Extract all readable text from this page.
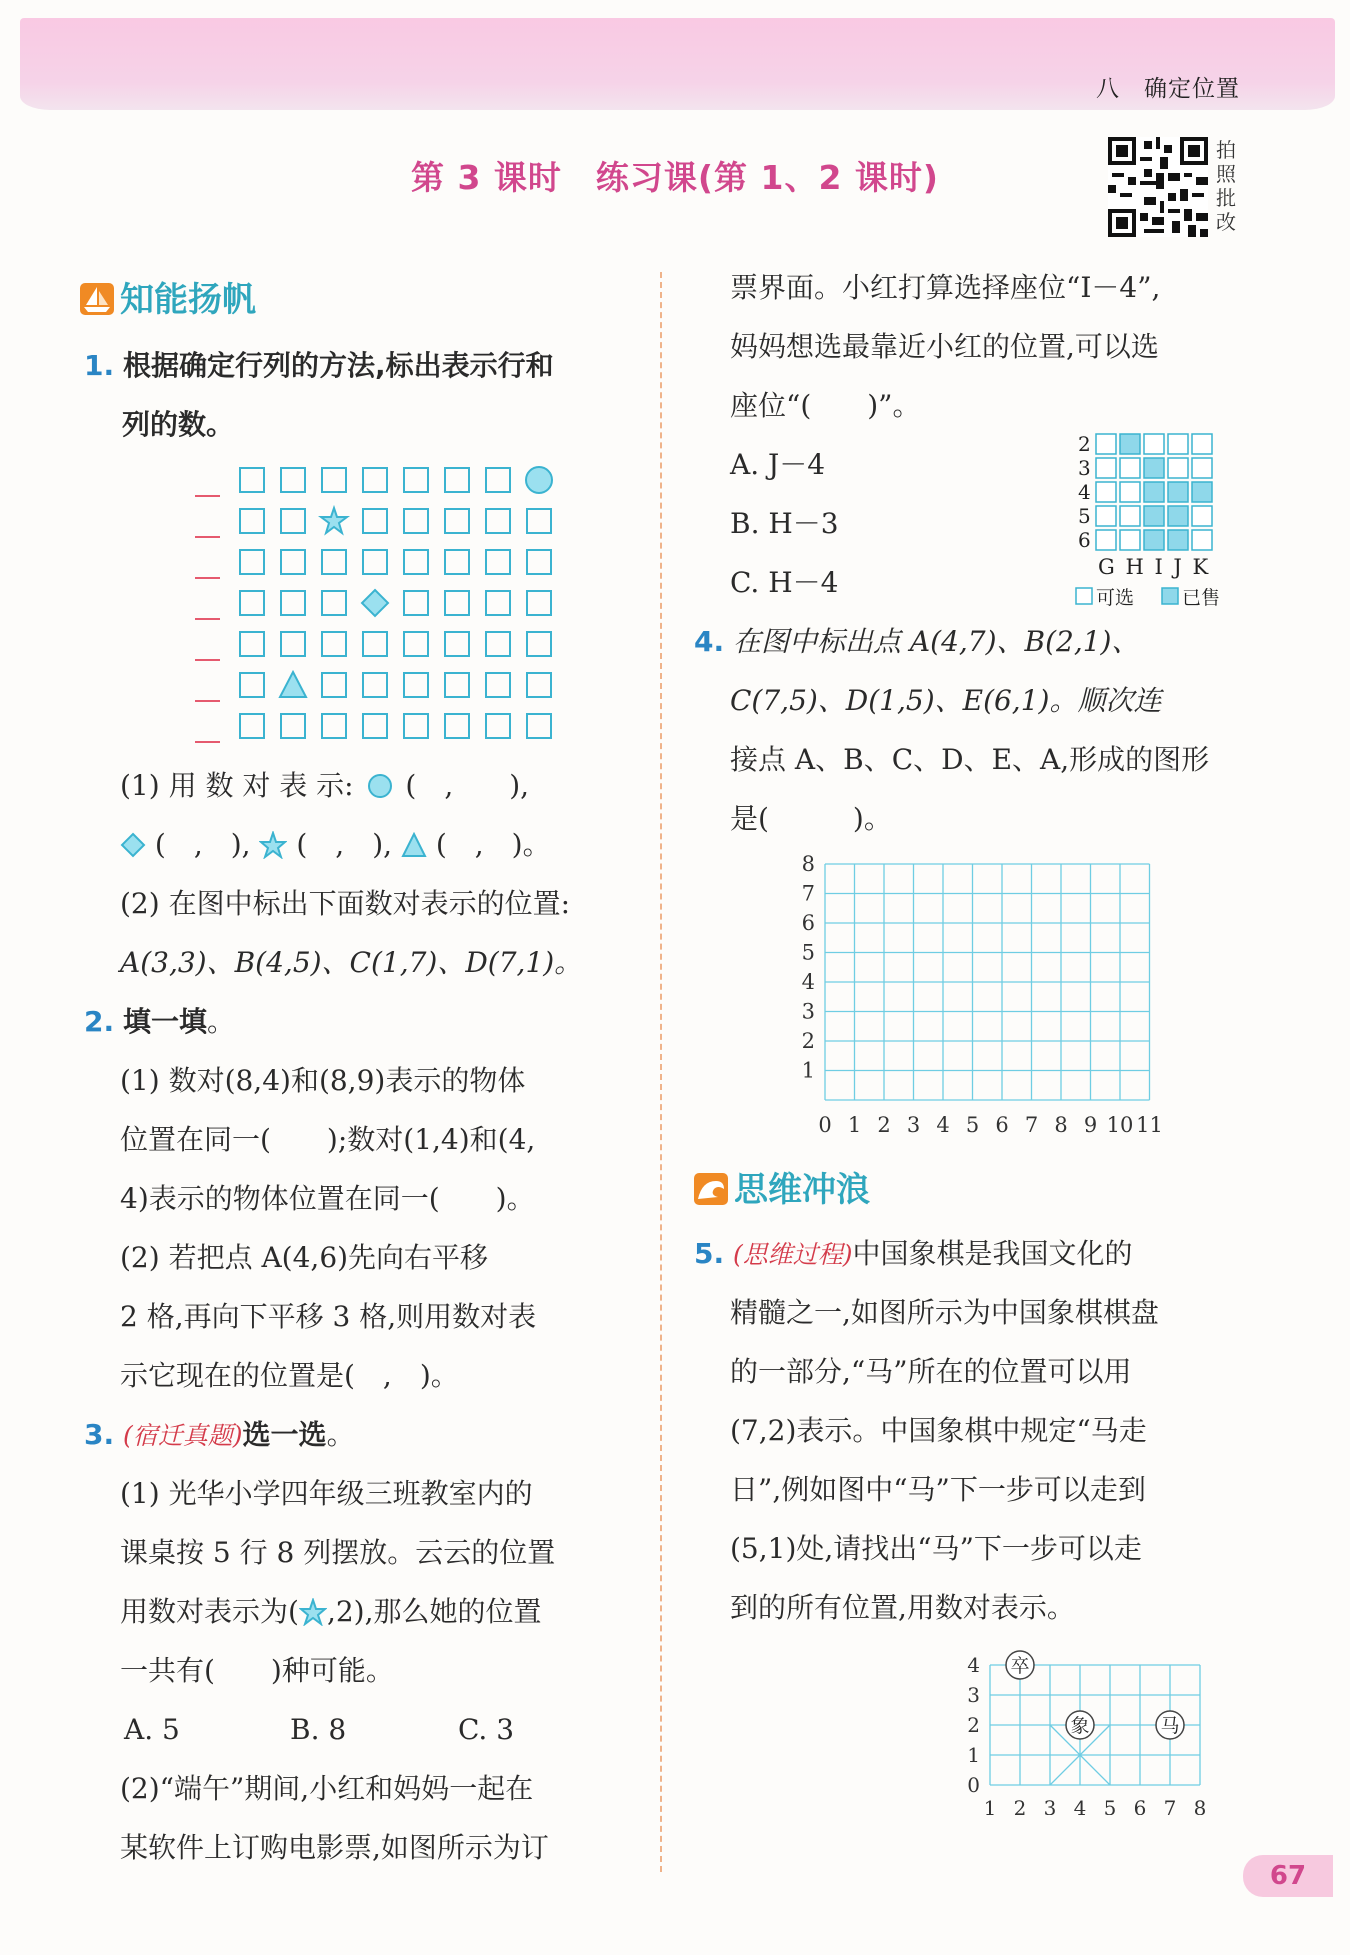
八　确定位置
第 3 课时　练习课(第 1、2 课时)
拍照批改
知能扬帆
1. 根据确定行列的方法,标出表示行和
列的数。
(1) 用 数 对 表 示: (　,　　),
(　,　), (　,　), (　,　)。
(2) 在图中标出下面数对表示的位置:
A(3,3)、B(4,5)、C(1,7)、D(7,1)。
2. 填一填。
(1) 数对(8,4)和(8,9)表示的物体
位置在同一(　　);数对(1,4)和(4,
4)表示的物体位置在同一(　　)。
(2) 若把点 A(4,6)先向右平移
2 格,再向下平移 3 格,则用数对表
示它现在的位置是(　,　)。
3. (宿迁真题)选一选。
(1) 光华小学四年级三班教室内的
课桌按 5 行 8 列摆放。云云的位置
用数对表示为( ,2),那么她的位置
一共有(　　)种可能。
A. 5	B. 8	C. 3
(2)“端午”期间,小红和妈妈一起在
某软件上订购电影票,如图所示为订
票界面。小红打算选择座位“I－4”,
妈妈想选最靠近小红的位置,可以选
座位“(　　)”。
A. J－4
B. H－3
C. H－4
2
3
4
5
6
G H I J K
可选	已售
4. 在图中标出点 A(4,7)、B(2,1)、
C(7,5)、D(1,5)、E(6,1)。顺次连
接点 A、B、C、D、E、A,形成的图形
是(　　　)。
1
2
3
4
5
6
7
8
0 1 2 3 4 5 6 7 8 9 10 11
思维冲浪
5. (思维过程)中国象棋是我国文化的
精髓之一,如图所示为中国象棋棋盘
的一部分,“马”所在的位置可以用
(7,2)表示。中国象棋中规定“马走
日”,例如图中“马”下一步可以走到
(5,1)处,请找出“马”下一步可以走
到的所有位置,用数对表示。
0
1
2
3
4
1 2 3 4 5 6 7 8
卒
象	马
67
